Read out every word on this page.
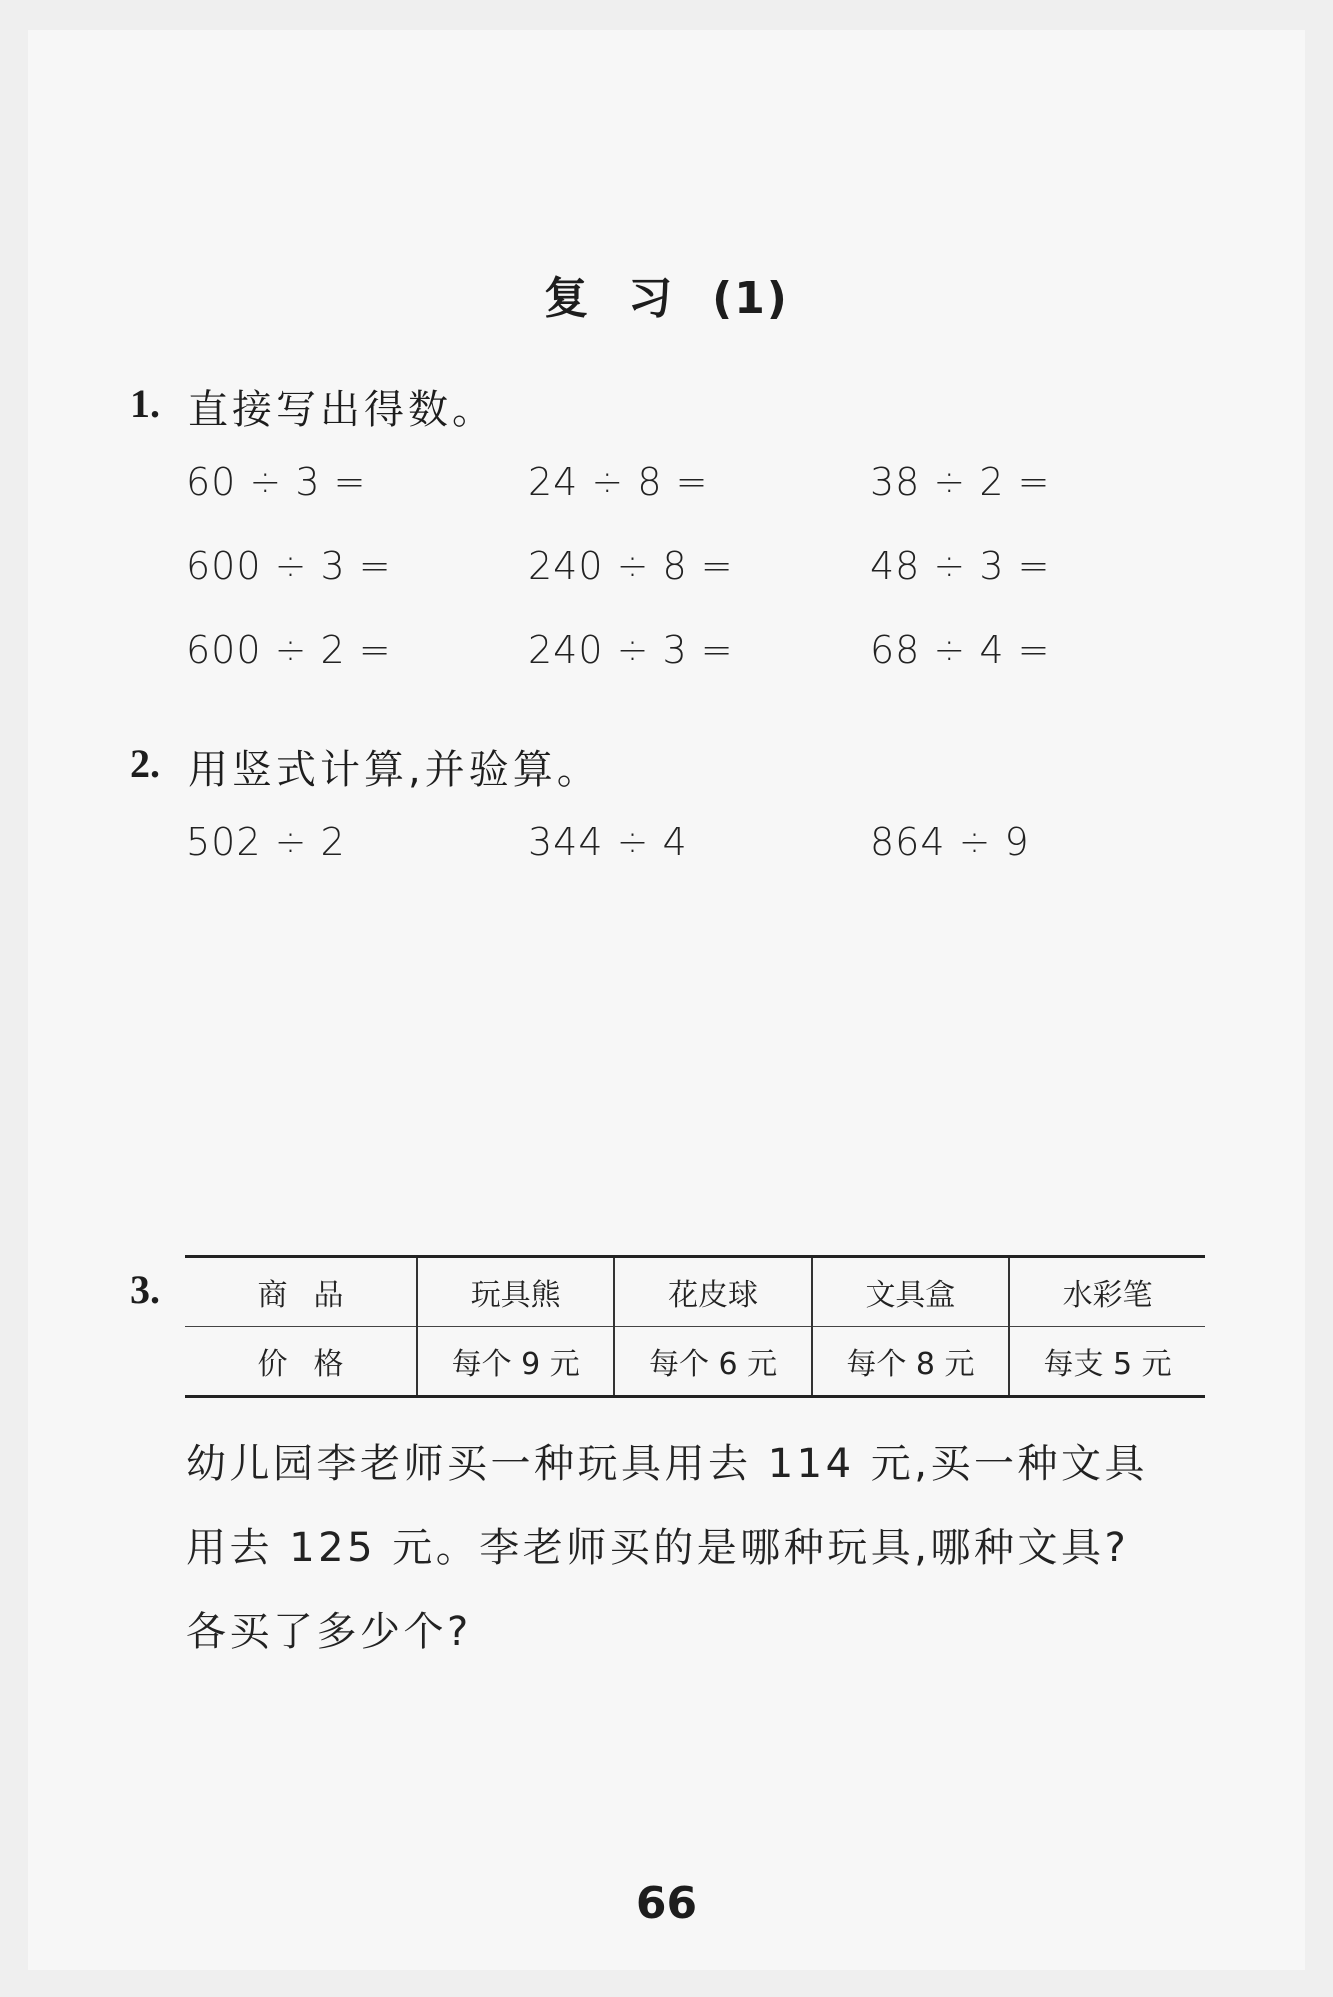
复 习 (1)
1. 直接写出得数。
60 ÷ 3 =	24 ÷ 8 =	38 ÷ 2 =
600 ÷ 3 =	240 ÷ 8 =	48 ÷ 3 =
600 ÷ 2 =	240 ÷ 3 =	68 ÷ 4 =
2. 用竖式计算,并验算。
502 ÷ 2	344 ÷ 4	864 ÷ 9
3.	商品	玩具熊	花皮球	文具盒	水彩笔
价格	每个 9 元	每个 6 元	每个 8 元	每支 5 元
幼儿园李老师买一种玩具用去 114 元,买一种文具
用去 125 元。李老师买的是哪种玩具,哪种文具?
各买了多少个?
66
